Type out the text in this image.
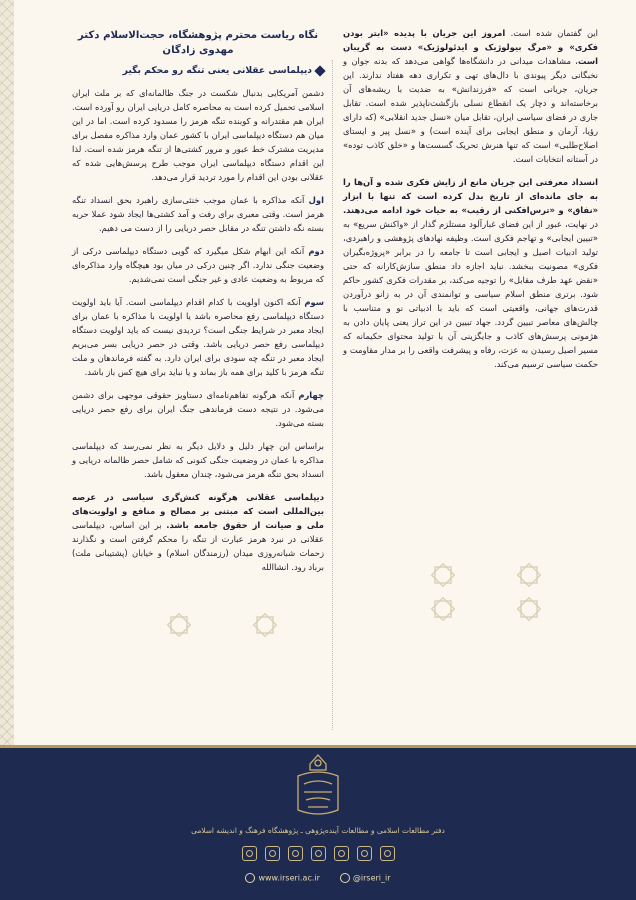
این گفتمان شده است. امروز این جریان با پدیده «ابتر بودن فکری» و «مرگ بیولوژیک و ایدئولوژیک» دست به گریبان است، مشاهدات میدانی در دانشگاه‌ها گواهی می‌دهد که بدنه جوان و نخبگانی دیگر پیوندی با دال‌های تهی و تکراری دهه هفتاد ندارند. این جریان، جریانی است که «فرزندانش» به ضدیت با ریشه‌های آن برخاسته‌اند و دچار یک انقطاع نسلی بازگشت‌ناپذیر شده است. تقابل جاری در فضای سیاسی ایران، تقابل میان «نسل جدید انقلابی» (که دارای رؤیا، آرمان و منطق ایجابی برای آینده است) و «نسل پیر و ایستای اصلاح‌طلبی» است که تنها هنرش تحریک گسست‌ها و «خلق کاذب توده» در آستانه انتخابات است.

انسداد معرفتی این جریان مانع از زایش فکری شده و آن‌ها را به جای مانده‌ای از تاریخ بدل کرده است که تنها با ابزار «نفاق» و «ترس‌افکنی از رقیب» به حیات خود ادامه می‌دهند. در نهایت، عبور از این فضای غبارآلود مستلزم گذار از «واکنش سریع» به «تبیین ایجابی» و تهاجم فکری است. وظیفه نهادهای پژوهشی و راهبردی، تولید ادبیات اصیل و ایجابی است تا جامعه را در برابر «پروژه‌بگیران فکری» مصونیت ببخشد. نباید اجازه داد منطق سازش‌کارانه که حتی «نقض عهد طرف مقابل» را توجیه می‌کند، بر مقدرات فکری کشور حاکم شود. برتری منطق اسلام سیاسی و توانمندی آن در به زانو درآوردن قدرت‌های جهانی، واقعیتی است که باید با ادبیاتی نو و متناسب با چالش‌های معاصر تبیین گردد. جهاد تبیین در این تراز یعنی پایان دادن به هژمونی پرسش‌های کاذب و جایگزینی آن با تولید محتوای حکیمانه که مسیر اصیل رسیدن به عزت، رفاه و پیشرفت واقعی را بر مدار مقاومت و حکمت سیاسی ترسیم می‌کند.

نگاه ریاست محترم پژوهشگاه، حجت‌الاسلام دکتر مهدوی زادگان
دیپلماسی عقلانی یعنی تنگه رو محکم بگیر

دشمن آمریکایی بدنبال شکست در جنگ ظالمانه‌ای که بر ملت ایران اسلامی تحمیل کرده است به محاصره کامل دریایی ایران رو آورده است. ایران هم مقتدرانه و کوبنده تنگه هرمز را مسدود کرده است. اما در این میان هم دستگاه دیپلماسی ایران با کشور عمان وارد مذاکره مفصل برای مدیریت مشترک خط عبور و مرور کشتی‌ها از تنگه هرمز شده است. لذا این اقدام دستگاه دیپلماسی ایران موجب طرح پرسش‌هایی شده که عقلانی بودن این اقدام را مورد تردید قرار می‌دهد.

اول آنکه مذاکره با عمان موجب خنثی‌سازی راهبرد بحق انسداد تنگه هرمز است. وقتی معبری برای رفت و آمد کشتی‌ها ایجاد شود عملا حربه بسته نگه داشتن تنگه در مقابل حصر دریایی را از دست می دهیم.

دوم آنکه این ابهام شکل میگیرد که گویی دستگاه دیپلماسی درکی از وضعیت جنگی ندارد. اگر چنین درکی در میان بود هیچگاه وارد مذاکره‌ای که مربوط به وضعیت عادی و غیر جنگی است نمی‌شدیم.

سوم آنکه اکنون اولویت با کدام اقدام دیپلماسی است. آیا باید اولویت دستگاه دیپلماسی رفع محاصره باشد یا اولویت با مذاکره با عمان برای ایجاد معبر در شرایط جنگی است؟ تردیدی نیست که باید اولویت دستگاه دیپلماسی رفع حصر دریایی باشد. وقتی در حصر دریایی بسر می‌بریم ایجاد معبر در تنگه چه سودی برای ایران دارد. به گفته فرماندهان و ملت تنگه هرمز با کلید برای همه باز بماند و یا نباید برای هیچ کس باز باشد.

چهارم آنکه هرگونه تفاهم‌نامه‌ای دستاویز حقوقی موجهی برای دشمن می‌شود. در نتیجه دست فرماندهی جنگ ایران برای رفع حصر دریایی بسته می‌شود.

براساس این چهار دلیل و دلایل دیگر به نظر نمی‌رسد که دیپلماسی مذاکره با عمان در وضعیت جنگی کنونی که شامل حصر ظالمانه دریایی و انسداد بحق تنگه هرمز می‌شود، چندان معقول باشد.

دیپلماسی عقلانی هرگونه کنش‌گری سیاسی در عرصه بین‌المللی است که مبتنی بر مصالح و منافع و اولویت‌های ملی و صیانت از حقوق جامعه باشد. بر این اساس، دیپلماسی عقلانی در نبرد هرمز عبارت از تنگه را محکم گرفتن است و نگذارند زحمات شبانه‌روزی میدان (رزمندگان اسلام) و خیابان (پشتیبانی ملت) برباد رود. انشاالله

دفتر مطالعات اسلامی و مطالعات آینده‌پژوهی ـ پژوهشگاه فرهنگ و اندیشه اسلامی
www.irseri.ac.ir	@irseri_ir
